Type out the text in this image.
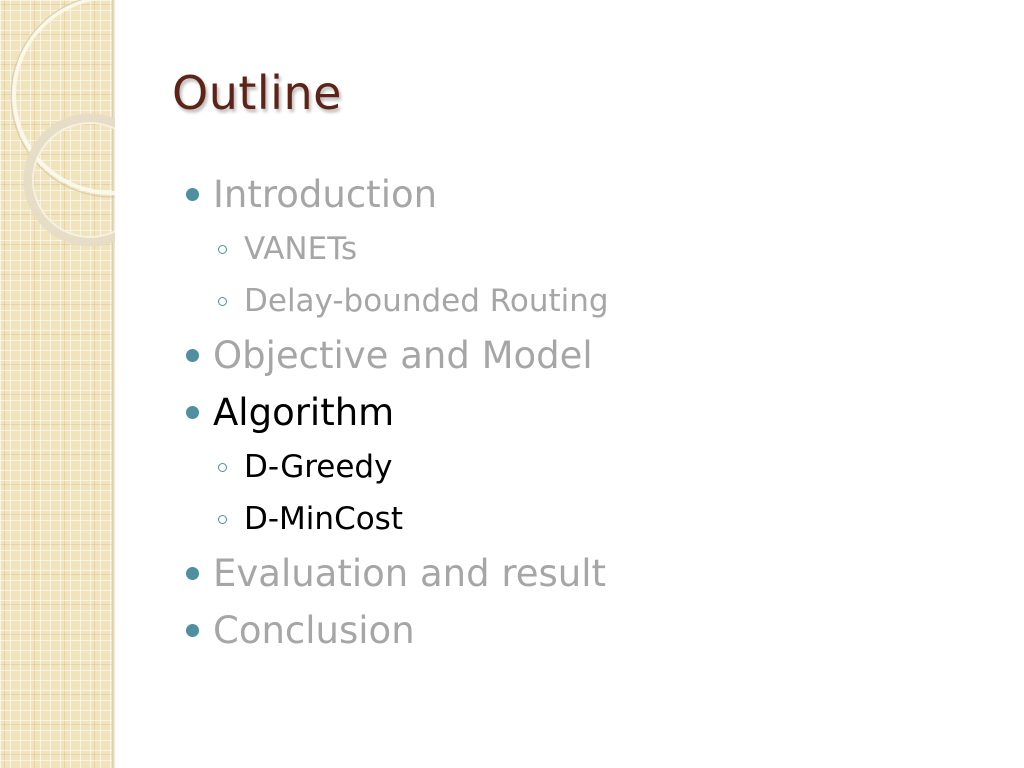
Outline
Introduction
VANETs
Delay-bounded Routing
Objective and Model
Algorithm
D-Greedy
D-MinCost
Evaluation and result
Conclusion
